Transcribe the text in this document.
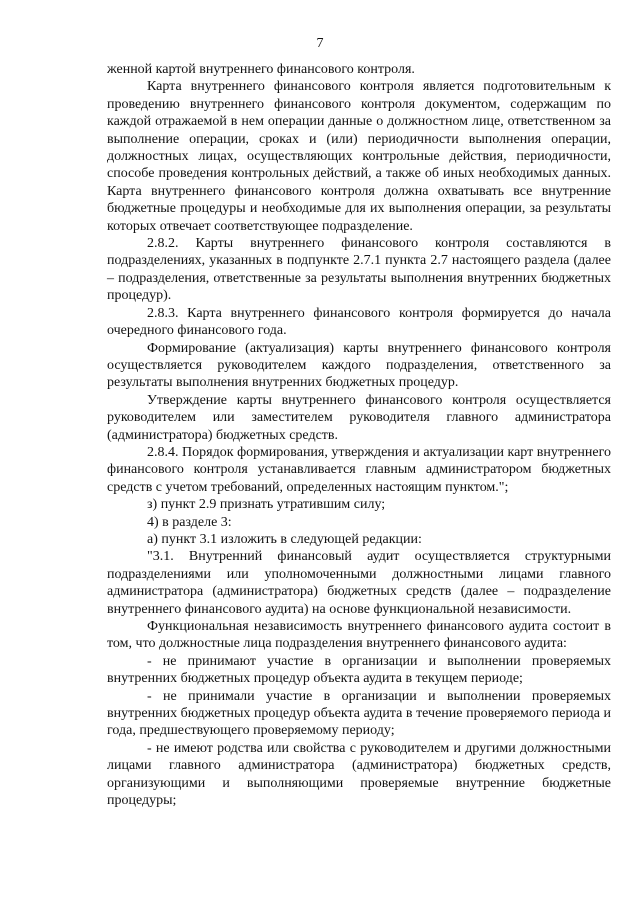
7

женной картой внутреннего финансового контроля.

Карта внутреннего финансового контроля является подготовительным к проведению внутреннего финансового контроля документом, содержащим по каждой отражаемой в нем операции данные о должностном лице, ответственном за выполнение операции, сроках и (или) периодичности выполнения операции, должностных лицах, осуществляющих контрольные действия, периодичности, способе проведения контрольных действий, а также об иных необходимых данных. Карта внутреннего финансового контроля должна охватывать все внутренние бюджетные процедуры и необходимые для их выполнения операции, за результаты которых отвечает соответствующее подразделение.

2.8.2. Карты внутреннего финансового контроля составляются в подразделениях, указанных в подпункте 2.7.1 пункта 2.7 настоящего раздела (далее – подразделения, ответственные за результаты выполнения внутренних бюджетных процедур).

2.8.3. Карта внутреннего финансового контроля формируется до начала очередного финансового года.

Формирование (актуализация) карты внутреннего финансового контроля осуществляется руководителем каждого подразделения, ответственного за результаты выполнения внутренних бюджетных процедур.

Утверждение карты внутреннего финансового контроля осуществляется руководителем или заместителем руководителя главного администратора (администратора) бюджетных средств.

2.8.4. Порядок формирования, утверждения и актуализации карт внутреннего финансового контроля устанавливается главным администратором бюджетных средств с учетом требований, определенных настоящим пунктом.";

з) пункт 2.9 признать утратившим силу;

4) в разделе 3:

а) пункт 3.1 изложить в следующей редакции:

"3.1. Внутренний финансовый аудит осуществляется структурными подразделениями или уполномоченными должностными лицами главного администратора (администратора) бюджетных средств (далее – подразделение внутреннего финансового аудита) на основе функциональной независимости.

Функциональная независимость внутреннего финансового аудита состоит в том, что должностные лица подразделения внутреннего финансового аудита:

- не принимают участие в организации и выполнении проверяемых внутренних бюджетных процедур объекта аудита в текущем периоде;

- не принимали участие в организации и выполнении проверяемых внутренних бюджетных процедур объекта аудита в течение проверяемого периода и года, предшествующего проверяемому периоду;

- не имеют родства или свойства с руководителем и другими должностными лицами главного администратора (администратора) бюджетных средств, организующими и выполняющими проверяемые внутренние бюджетные процедуры;
